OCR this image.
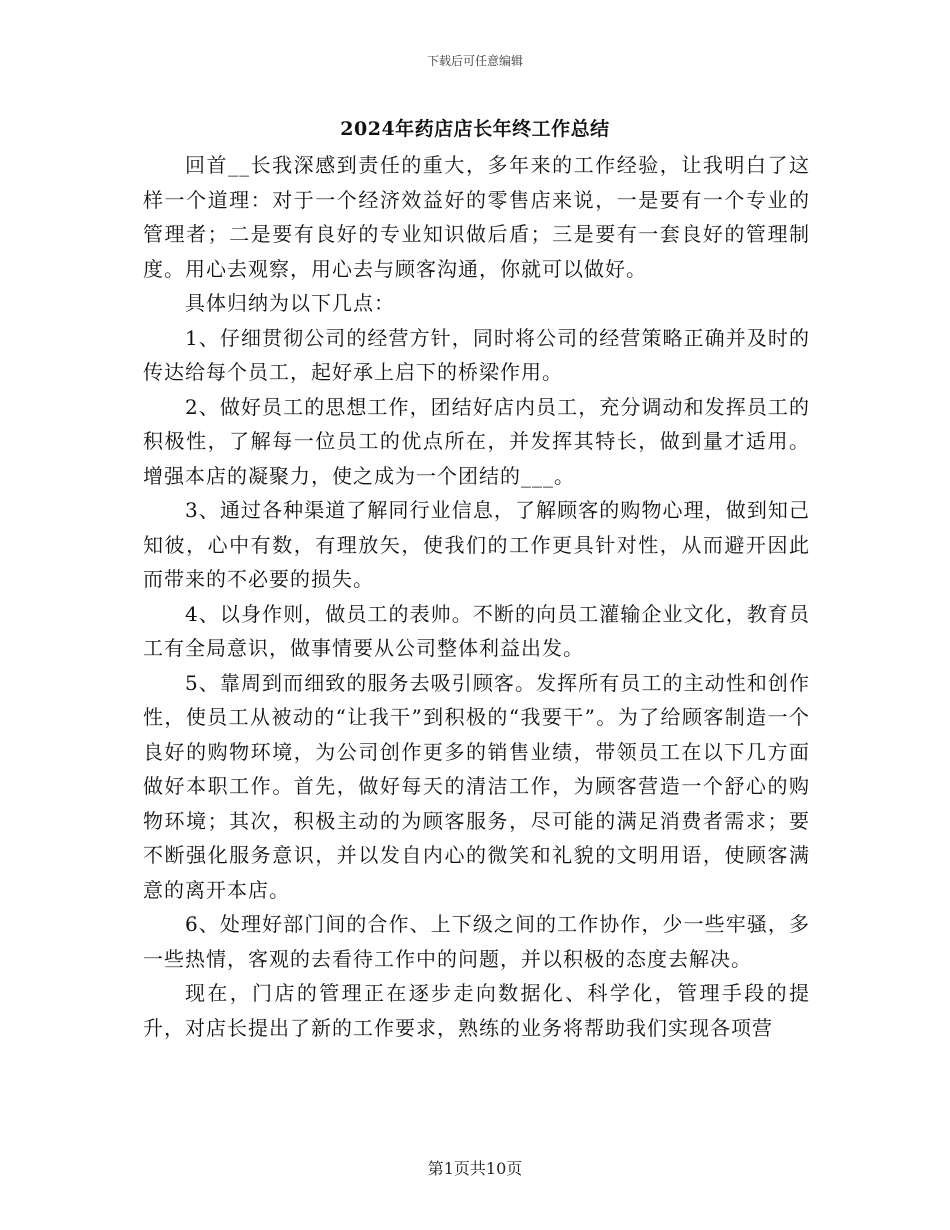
下载后可任意编辑
2024年药店店长年终工作总结

回首__长我深感到责任的重大，多年来的工作经验，让我明白了这样一个道理：对于一个经济效益好的零售店来说，一是要有一个专业的管理者；二是要有良好的专业知识做后盾；三是要有一套良好的管理制度。用心去观察，用心去与顾客沟通，你就可以做好。

具体归纳为以下几点：

1、仔细贯彻公司的经营方针，同时将公司的经营策略正确并及时的传达给每个员工，起好承上启下的桥梁作用。

2、做好员工的思想工作，团结好店内员工，充分调动和发挥员工的积极性，了解每一位员工的优点所在，并发挥其特长，做到量才适用。增强本店的凝聚力，使之成为一个团结的___。

3、通过各种渠道了解同行业信息，了解顾客的购物心理，做到知己知彼，心中有数，有理放矢，使我们的工作更具针对性，从而避开因此而带来的不必要的损失。

4、以身作则，做员工的表帅。不断的向员工灌输企业文化，教育员工有全局意识，做事情要从公司整体利益出发。

5、靠周到而细致的服务去吸引顾客。发挥所有员工的主动性和创作性，使员工从被动的“让我干”到积极的“我要干”。为了给顾客制造一个良好的购物环境，为公司创作更多的销售业绩，带领员工在以下几方面做好本职工作。首先，做好每天的清洁工作，为顾客营造一个舒心的购物环境；其次，积极主动的为顾客服务，尽可能的满足消费者需求；要不断强化服务意识，并以发自内心的微笑和礼貌的文明用语，使顾客满意的离开本店。

6、处理好部门间的合作、上下级之间的工作协作，少一些牢骚，多一些热情，客观的去看待工作中的问题，并以积极的态度去解决。

现在，门店的管理正在逐步走向数据化、科学化，管理手段的提升，对店长提出了新的工作要求，熟练的业务将帮助我们实现各项营

第1页共10页
